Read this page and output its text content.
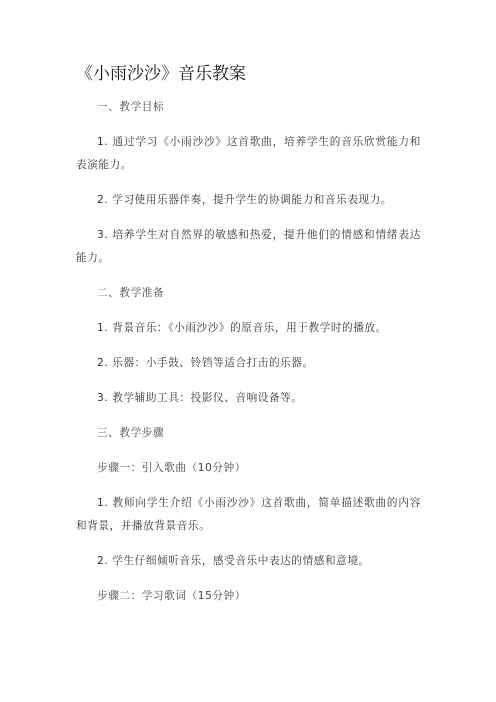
《小雨沙沙》音乐教案

一、教学目标

1. 通过学习《小雨沙沙》这首歌曲，培养学生的音乐欣赏能力和表演能力。

2. 学习使用乐器伴奏，提升学生的协调能力和音乐表现力。

3. 培养学生对自然界的敏感和热爱，提升他们的情感和情绪表达能力。

二、教学准备

1. 背景音乐：《小雨沙沙》的原音乐，用于教学时的播放。

2. 乐器：小手鼓、铃铛等适合打击的乐器。

3. 教学辅助工具：投影仪、音响设备等。

三、教学步骤

步骤一：引入歌曲（10分钟）

1. 教师向学生介绍《小雨沙沙》这首歌曲，简单描述歌曲的内容和背景，并播放背景音乐。

2. 学生仔细倾听音乐，感受音乐中表达的情感和意境。

步骤二：学习歌词（15分钟）
